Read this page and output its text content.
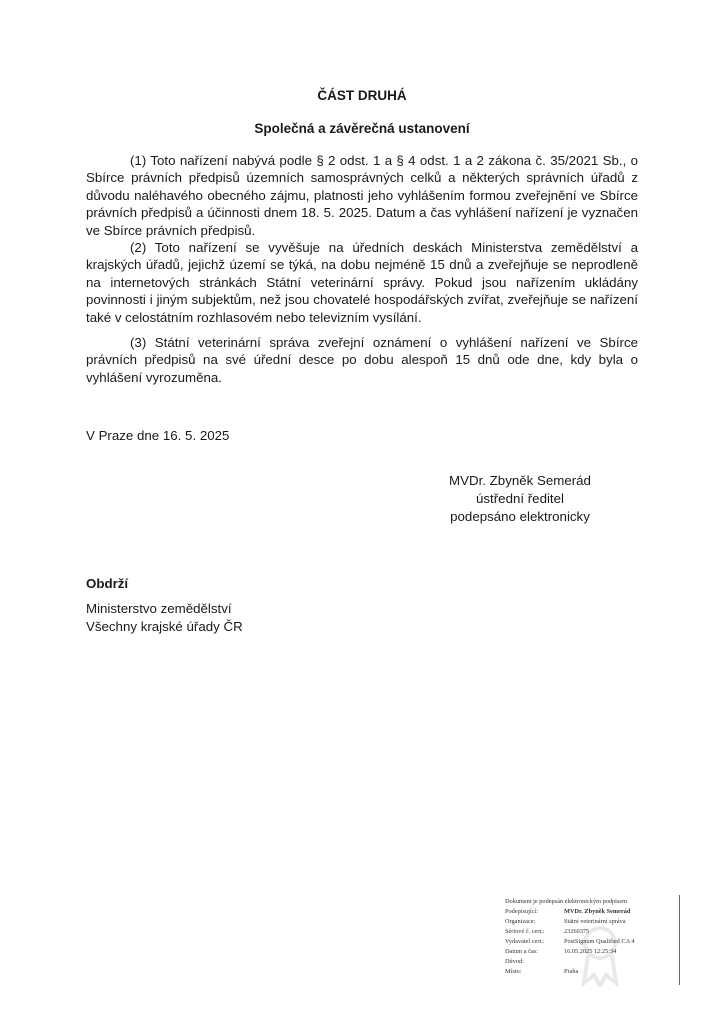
ČÁST DRUHÁ
Společná a závěrečná ustanovení

(1) Toto nařízení nabývá podle § 2 odst. 1 a § 4 odst. 1 a 2 zákona č. 35/2021 Sb., o Sbírce právních předpisů územních samosprávných celků a některých správních úřadů z důvodu naléhavého obecného zájmu, platnosti jeho vyhlášením formou zveřejnění ve Sbírce právních předpisů a účinnosti dnem 18. 5. 2025. Datum a čas vyhlášení nařízení je vyznačen ve Sbírce právních předpisů.

(2) Toto nařízení se vyvěšuje na úředních deskách Ministerstva zemědělství a krajských úřadů, jejichž území se týká, na dobu nejméně 15 dnů a zveřejňuje se neprodleně na internetových stránkách Státní veterinární správy. Pokud jsou nařízením ukládány povinnosti i jiným subjektům, než jsou chovatelé hospodářských zvířat, zveřejňuje se nařízení také v celostátním rozhlasovém nebo televizním vysílání.

(3) Státní veterinární správa zveřejní oznámení o vyhlášení nařízení ve Sbírce právních předpisů na své úřední desce po dobu alespoň 15 dnů ode dne, kdy byla o vyhlášení vyrozuměna.

V Praze dne 16. 5. 2025
MVDr. Zbyněk Semerád
ústřední ředitel
podepsáno elektronicky
Obdrží
Ministerstvo zemědělství
Všechny krajské úřady ČR
Dokument je podepsán elektronickým podpisem
Podepisující:	MVDr. Zbyněk Semerád
Organizace:	Státní veterinární správa
Sériové č. cert.:	23260375
Vydavatel cert.:	PostSignum Qualified CA 4
Datum a čas:	16.05.2025 12:25:34
Důvod:
Místo:	Praha
